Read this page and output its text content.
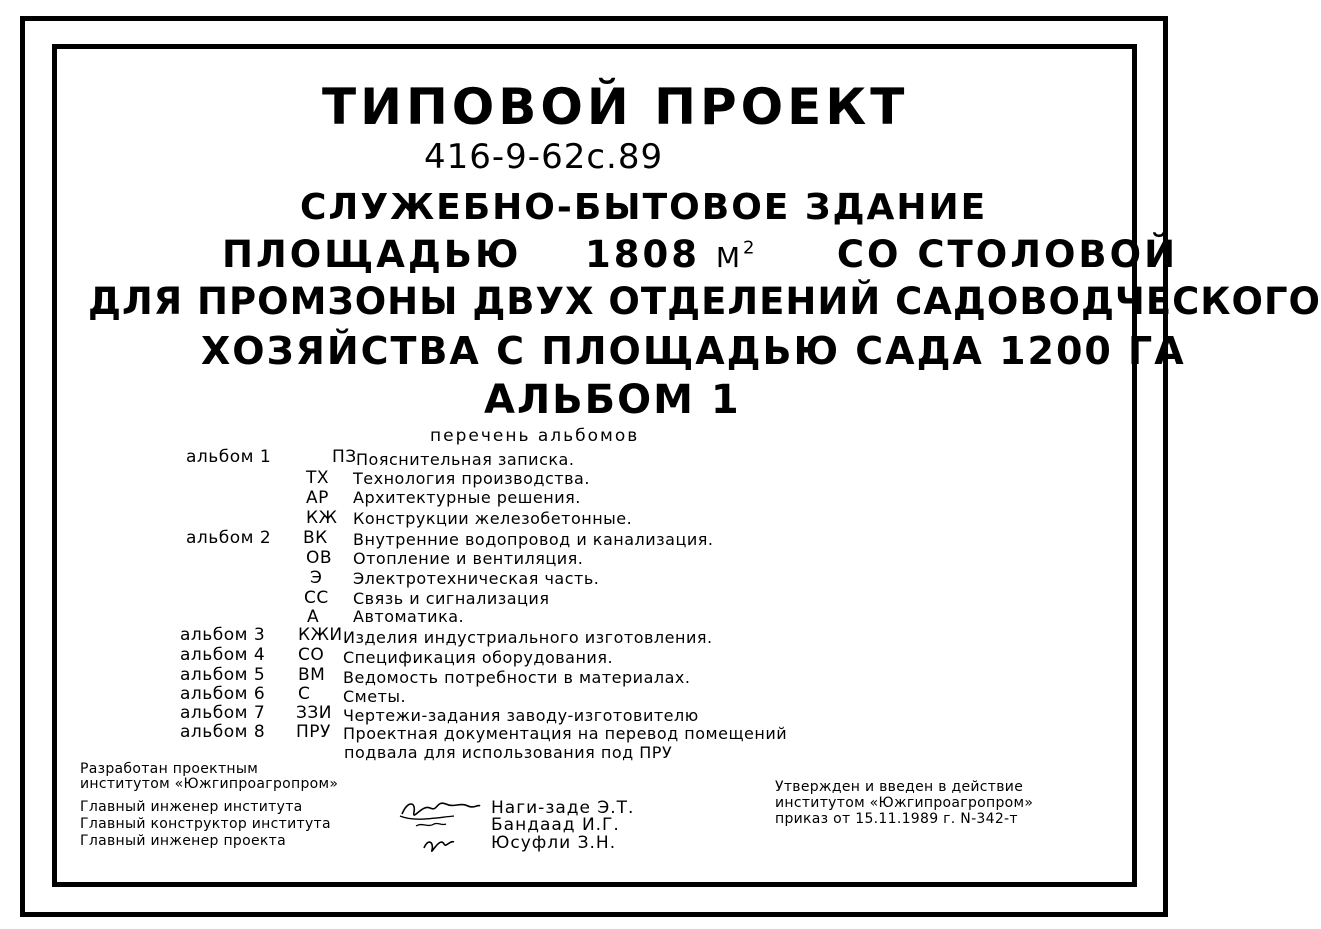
ТИПОВОЙ ПРОЕКТ
416-9-62с.89
СЛУЖЕБНО-БЫТОВОЕ ЗДАНИЕ
ПЛОЩАДЬЮ 1808 $М^2$ СО СТОЛОВОЙ
ДЛЯ ПРОМЗОНЫ ДВУХ ОТДЕЛЕНИЙ САДОВОДЧЕСКОГО
ХОЗЯЙСТВА С ПЛОЩАДЬЮ САДА 1200 ГА
АЛЬБОМ 1
перечень альбомов
альбом 1	ПЗ Пояснительная записка.
ТХ Технология производства.
АР Архитектурные решения.
КЖ Конструкции железобетонные.
альбом 2 ВК Внутренние водопровод и канализация.
ОВ Отопление и вентиляция.
Э Электротехническая часть.
СС Связь и сигнализация
А Автоматика.
альбом 3 КЖИ Изделия индустриального изготовления.
альбом 4 СО Спецификация оборудования.
альбом 5 ВМ Ведомость потребности в материалах.
альбом 6 С Сметы.
альбом 7 ЗЗИ Чертежи-задания заводу-изготовителю
альбом 8 ПРУ Проектная документация на перевод помещений
подвала для использования под ПРУ
Разработан проектным
институтом «Южгипроагропром»
Главный инженер института
Главный конструктор института
Главный инженер проекта
Наги-заде Э.Т.
Бандаад И.Г.
Юсуфли З.Н.
Утвержден и введен в действие
институтом «Южгипроагропром»
приказ от 15.11.1989 г. N-342-т
